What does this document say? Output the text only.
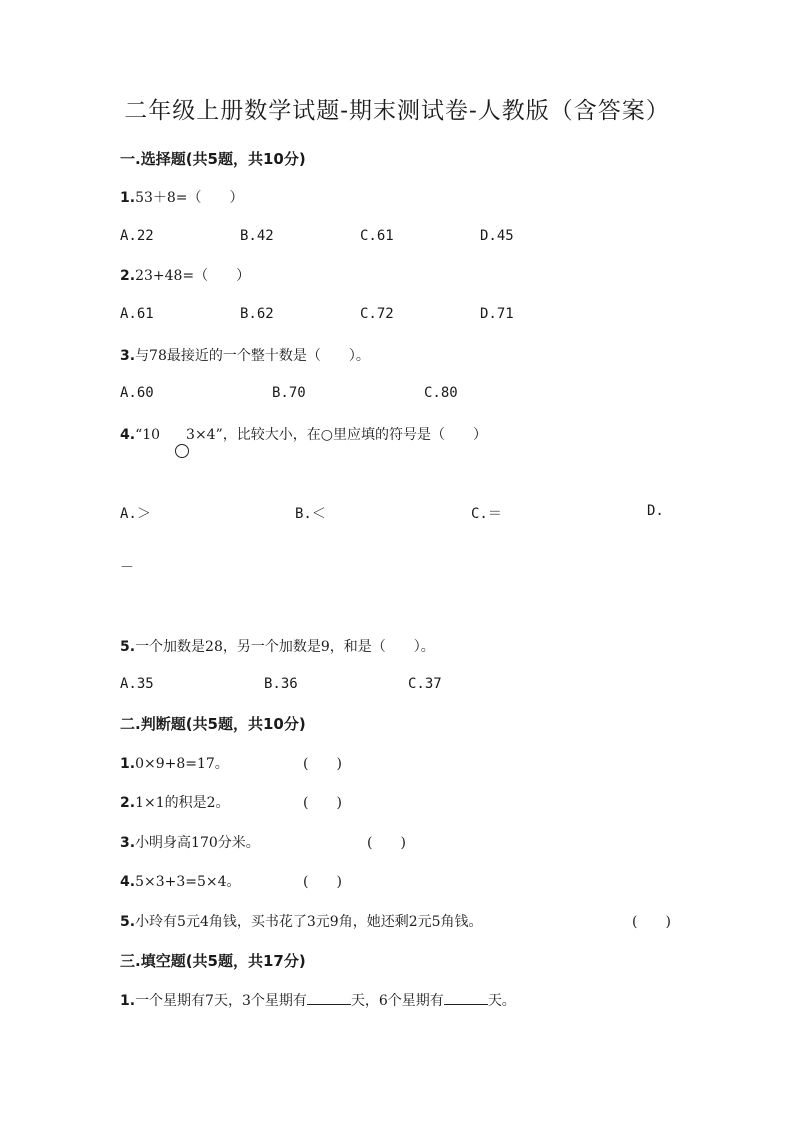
二年级上册数学试题-期末测试卷-人教版（含答案）
一.选择题(共5题，共10分)
1.53＋8=（　　）
A.22	B.42	C.61	D.45
2.23+48=（　　）
A.61	B.62	C.72	D.71
3.与78最接近的一个整十数是（　　）。
A.60	B.70	C.80
4.“10 3×4”，比较大小，在○里应填的符号是（　　）
A.＞	B.＜	C.＝	D.
－
5.一个加数是28，另一个加数是9，和是（　　）。
A.35	B.36	C.37
二.判断题(共5题，共10分)
1.0×9+8=17。	(　　)
2.1×1的积是2。	(　　)
3.小明身高170分米。	(　　)
4.5×3+3=5×4。	(　　)
5.小玲有5元4角钱，买书花了3元9角，她还剩2元5角钱。	(　　)
三.填空题(共5题，共17分)
1.一个星期有7天，3个星期有	天，6个星期有	天。
